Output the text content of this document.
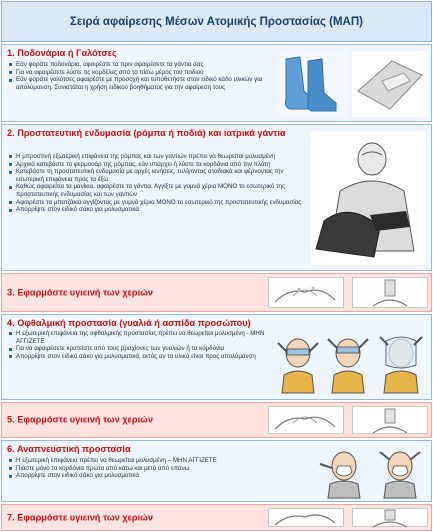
Σειρά αφαίρεσης Μέσων Ατομικής Προστασίας (ΜΑΠ)
1. Ποδονάρια ή Γαλότσες
Εάν φοράτε ποδονάρια, αφαιρέστε τα πριν αφαιρέσετε τα γάντια σας
Για να αφαιρέσετε λύστε τις κορδέλες από το πίσω μέρος του ποδιού
Εάν φοράτε γαλότσες αφαιρέστε με προσοχή και τοποθετήστε στον ειδικό κάδο υλικών για απολύμανση. Συνιστάται η χρήση ειδικού βοηθήματος για την αφαίρεση τους
2. Προστατευτική ενδυμασία (ρόμπα ή ποδιά) και ιατρικά γάντια
Η μπροστινή εξωτερική επιφάνεια της ρόμπας και των γαντιών πρέπει να θεωρείται μολυσμένη
Αρχικά κατεβάστε το φερμουάρ της ρόμπας, εάν υπάρχει ή λύστε τα κορδόνια από την πλάτη
Κατεβάστε τη προστατευτική ενδυμασία με αργές κινήσεις, τυλίγοντας σταδιακά και φέρνοντας την εσωτερική επιφάνεια προς τα έξω
Καθώς αφαιρείται τα μανίκια, αφαιρέστε τα γάντια. Αγγίξτε με γυμνά χέρια ΜΟΝΟ το εσωτερικό της προστατευτικής ενδυμασίας και των γαντιών
Αφαιρέστε τα μπατζάκια αγγίζοντας με γυμνά χέρια ΜΟΝΟ το εσωτερικό της προστατευτικής ενδυμασίας
Απορρίψτε στον ειδικό σάκο για μολυσματικά
3. Εφαρμόστε υγιεινή των χεριών
4. Οφθαλμική προστασία (γυαλιά ή ασπίδα προσώπου)
Η εξωτερική επιφάνεια της οφθαλμικής προστασίας πρέπει να θεωρείται μολυσμένη - ΜΗΝ ΑΓΓΙΖΕΤΕ
Για να αφαιρέσετε κρατείστε από τους βραχίονες των γυαλιών ή τα κορδόνια
Απορρίψτε στον ειδικό σάκο για μολυσματικά, εκτός αν τα υλικά είναι προς απολύμανση
5. Εφαρμόστε υγιεινή των χεριών
6. Αναπνευστική προστασία
Η εξωτερική επιφάνεια πρέπει να θεωρείται μολυσμένη – ΜΗΝ ΑΓΓΙΖΕΤΕ
Πιάστε μόνο τα κορδόνια πρώτα από κάτω και μετά από επάνω
Απορρίψτε στον ειδικό σάκο για μολυσματικά
7. Εφαρμόστε υγιεινή των χεριών
